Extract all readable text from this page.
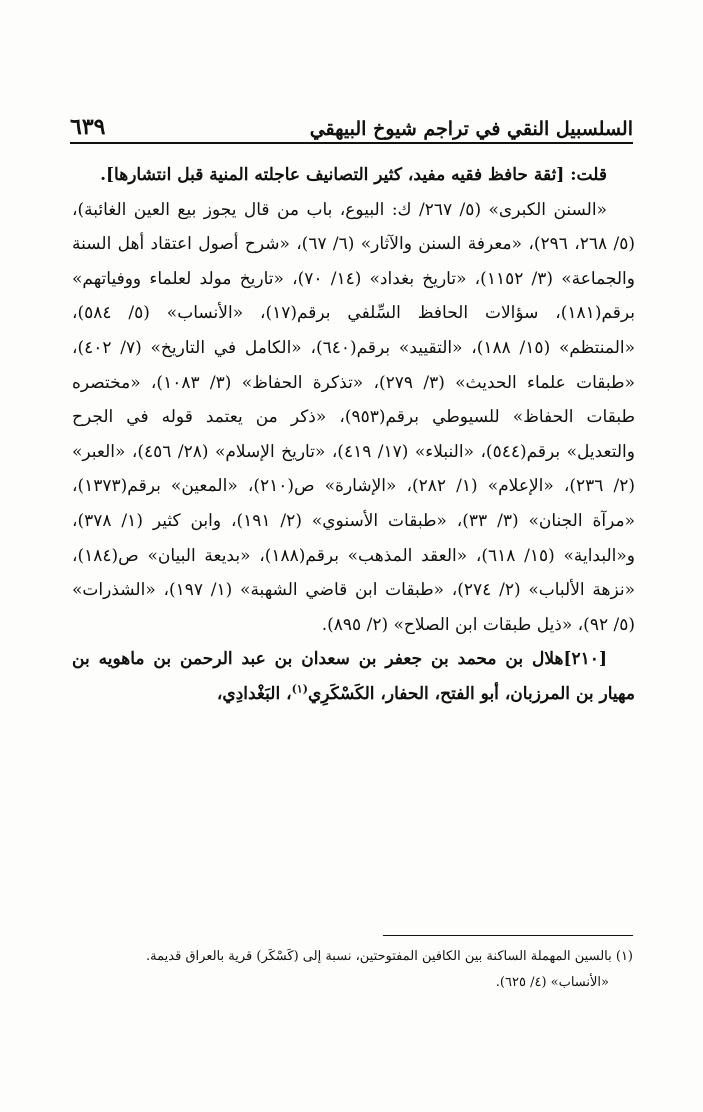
السلسبيل النقي في تراجم شيوخ البيهقي
٦٣٩

قلت: [ثقة حافظ فقيه مفيد، كثير التصانيف عاجلته المنية قبل انتشارها].

«السنن الكبرى» (٥/ ٢٦٧/ ك: البيوع، باب من قال يجوز بيع العين الغائبة)، (٥/ ٢٦٨، ٢٩٦)، «معرفة السنن والآثار» (٦/ ٦٧)، «شرح أصول اعتقاد أهل السنة والجماعة» (٣/ ١١٥٢)، «تاريخ بغداد» (١٤/ ٧٠)، «تاريخ مولد لعلماء ووفياتهم» برقم(١٨١)، سؤالات الحافظ السِّلفي برقم(١٧)، «الأنساب» (٥/ ٥٨٤)، «المنتظم» (١٥/ ١٨٨)، «التقييد» برقم(٦٤٠)، «الكامل في التاريخ» (٧/ ٤٠٢)، «طبقات علماء الحديث» (٣/ ٢٧٩)، «تذكرة الحفاظ» (٣/ ١٠٨٣)، «مختصره طبقات الحفاظ» للسيوطي برقم(٩٥٣)، «ذكر من يعتمد قوله في الجرح والتعديل» برقم(٥٤٤)، «النبلاء» (١٧/ ٤١٩)، «تاريخ الإسلام» (٢٨/ ٤٥٦)، «العبر» (٢/ ٢٣٦)، «الإعلام» (١/ ٢٨٢)، «الإشارة» ص(٢١٠)، «المعين» برقم(١٣٧٣)، «مرآة الجنان» (٣/ ٣٣)، «طبقات الأسنوي» (٢/ ١٩١)، وابن كثير (١/ ٣٧٨)، و«البداية» (١٥/ ٦١٨)، «العقد المذهب» برقم(١٨٨)، «بديعة البيان» ص(١٨٤)، «نزهة الألباب» (٢/ ٢٧٤)، «طبقات ابن قاضي الشهبة» (١/ ١٩٧)، «الشذرات» (٥/ ٩٢)، «ذيل طبقات ابن الصلاح» (٢/ ٨٩٥).

[٢١٠]هلال بن محمد بن جعفر بن سعدان بن عبد الرحمن بن ماهويه بن مهيار بن المرزبان، أبو الفتح، الحفار، الكَسْكَرِي$^{(١)}$، البَغْدادِي،

(١) بالسين المهملة الساكنة بين الكافين المفتوحتين، نسبة إلى (كَسْكَر) قرية بالعراق قديمة.

«الأنساب» (٤/ ٦٢٥).
